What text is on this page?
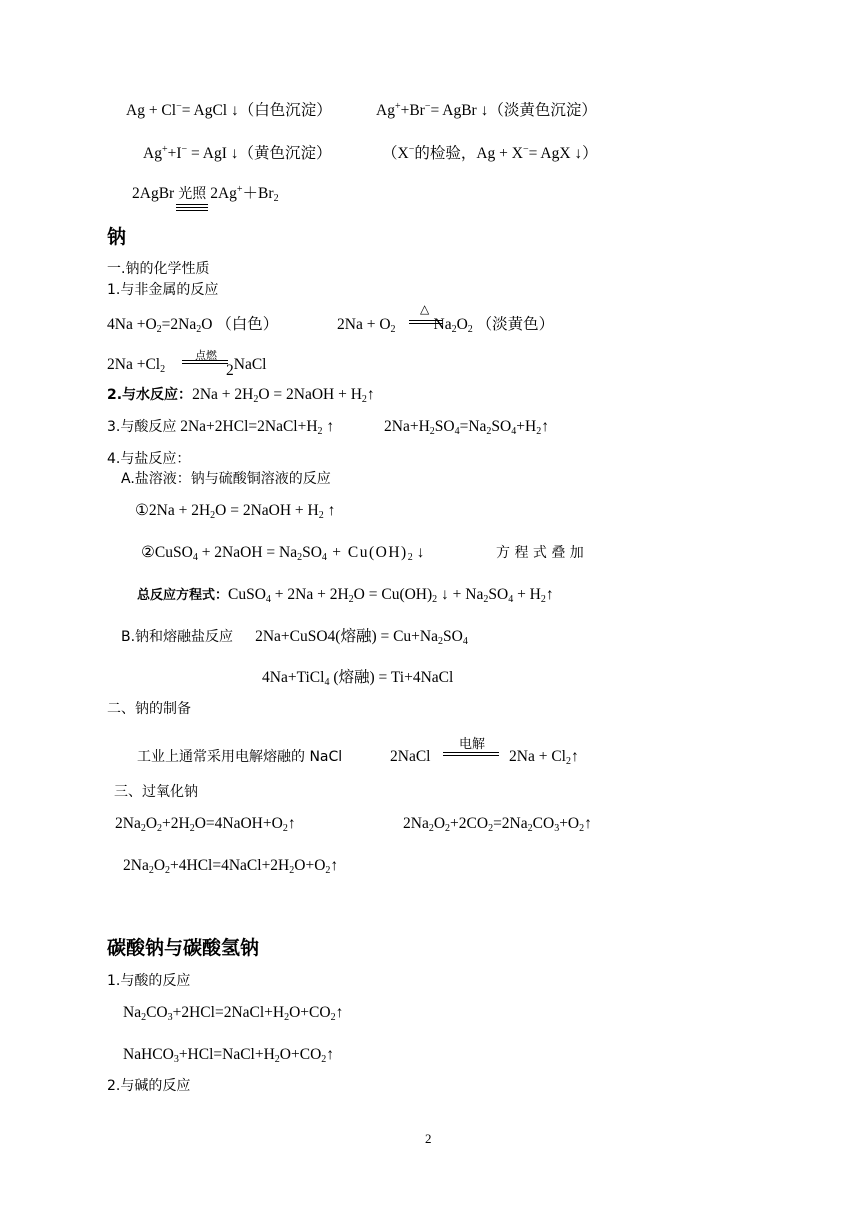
Ag + Cl−= AgCl ↓（白色沉淀）	Ag++Br−= AgBr ↓（淡黄色沉淀）
Ag++I− = AgI ↓（黄色沉淀）	（X−的检验，Ag + X−= AgX ↓）
2AgBr 光照 $2Ag^++Br_2$
钠
一.钠的化学性质
1.与非金属的反应
$4Na +O_2=2Na_2O$ （白色）	$2Na + O_2$ $Na_2O_2$ （淡黄色）
△
$2Na +Cl_2$
点燃
2NaCl
2.与水反应：$2Na + 2H_2O$ = 2NaOH + $H_2↑$
3.与酸反应 $2Na+2HCl=2NaCl+H_2$ ↑	$2Na+H_2SO_4=Na_2SO_4+H_2↑$
4.与盐反应：
A.盐溶液：钠与硫酸铜溶液的反应
①2Na + $2H_2O$ = 2NaOH + $H_2$ ↑
②CuSO$_4$ + 2NaOH = $Na_2SO_4 + Cu(OH)_2$ ↓	方 程 式 叠 加
总反应方程式：CuSO$_4$ + $2Na + 2H_2O = Cu(OH)_2$ ↓ + $Na_2SO_4$ + $H_2↑$
B.钠和熔融盐反应 2Na+CuSO4(熔融) = $Cu+Na_2SO_4$
4Na+TiCl$_4$ (熔融) = Ti+4NaCl
二、钠的制备
工业上通常采用电解熔融的 NaCl	2NaCl
电解
$2Na + Cl_2↑$
三、过氧化钠
$2Na_2O_2+2H_2O=4NaOH+O_2↑$	$2Na_2O_2+2CO_2=2Na_2CO_3+O_2↑$
$2Na_2O_2+4HCl=4NaCl+2H_2O+O_2↑$
碳酸钠与碳酸氢钠
1.与酸的反应
$Na_2CO_3+2HCl=2NaCl+H_2O+CO_2↑$
$NaHCO_3+HCl=NaCl+H_2O+CO_2↑$
2.与碱的反应
2
